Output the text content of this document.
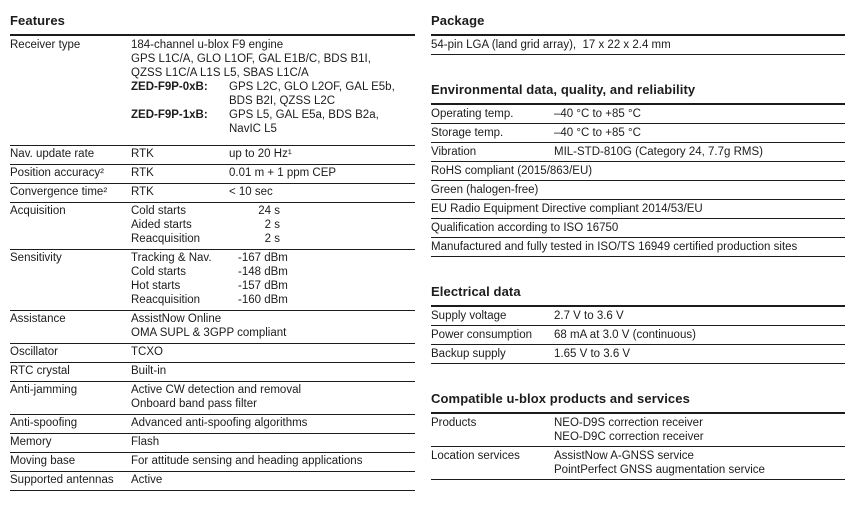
Features
Receiver type	184-channel u-blox F9 engine
GPS L1C/A, GLO L1OF, GAL E1B/C, BDS B1I,
QZSS L1C/A L1S L5, SBAS L1C/A
ZED-F9P-0xB:	GPS L2C, GLO L2OF, GAL E5b,
BDS B2I, QZSS L2C
ZED-F9P-1xB:	GPS L5, GAL E5a, BDS B2a,
NavIC L5
Nav. update rate	RTK	up to 20 Hz¹
Position accuracy²	RTK	0.01 m + 1 ppm CEP
Convergence time²	RTK	< 10 sec
Acquisition	Cold starts	24 s
Aided starts	2 s
Reacquisition	2 s
Sensitivity	Tracking & Nav.	-167 dBm
Cold starts	-148 dBm
Hot starts	-157 dBm
Reacquisition	-160 dBm
Assistance	AssistNow Online
OMA SUPL & 3GPP compliant
Oscillator	TCXO
RTC crystal	Built-in
Anti-jamming	Active CW detection and removal
Onboard band pass filter
Anti-spoofing	Advanced anti-spoofing algorithms
Memory	Flash
Moving base	For attitude sensing and heading applications
Supported antennas	Active
Package
54-pin LGA (land grid array),  17 x 22 x 2.4 mm
Environmental data, quality, and reliability
Operating temp.	–40 °C to +85 °C
Storage temp.	–40 °C to +85 °C
Vibration	MIL-STD-810G (Category 24, 7.7g RMS)
RoHS compliant (2015/863/EU)
Green (halogen-free)
EU Radio Equipment Directive compliant 2014/53/EU
Qualification according to ISO 16750
Manufactured and fully tested in ISO/TS 16949 certified production sites
Electrical data
Supply voltage	2.7 V to 3.6 V
Power consumption	68 mA at 3.0 V (continuous)
Backup supply	1.65 V to 3.6 V
Compatible u-blox products and services
Products	NEO-D9S correction receiver
NEO-D9C correction receiver
Location services	AssistNow A-GNSS service
PointPerfect GNSS augmentation service
